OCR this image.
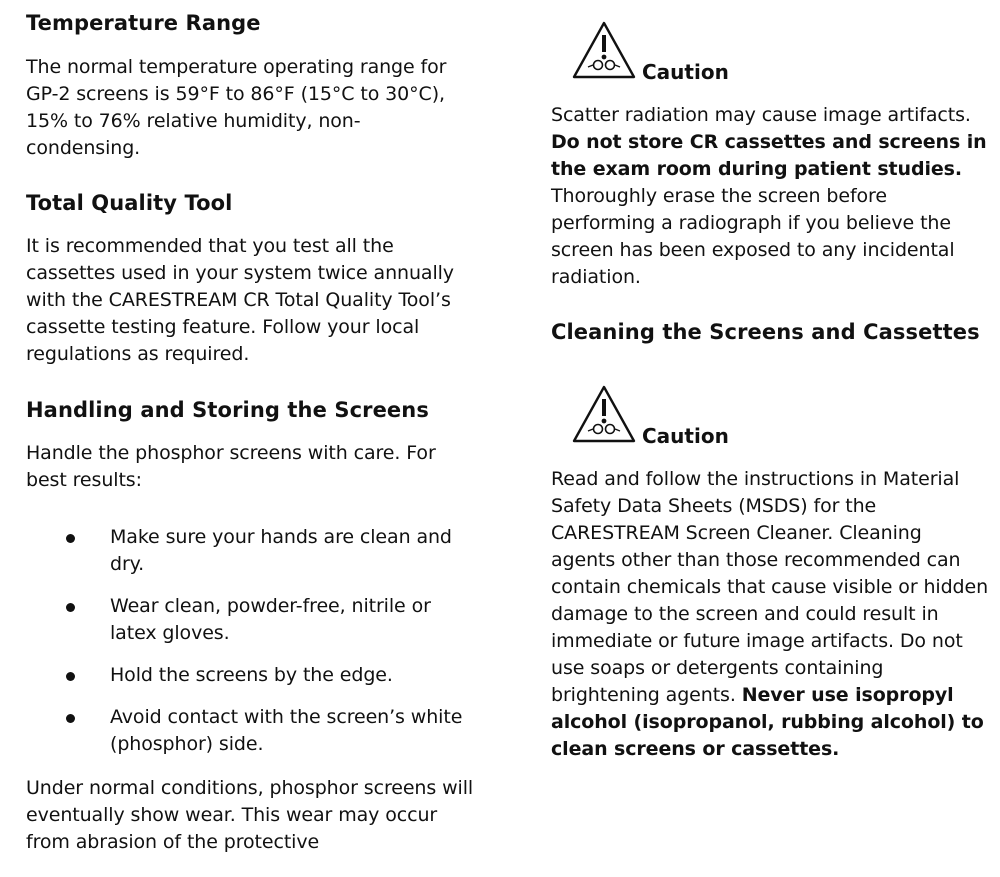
Temperature Range

The normal temperature operating range for GP-2 screens is 59°F to 86°F (15°C to 30°C), 15% to 76% relative humidity, non-condensing.

Total Quality Tool

It is recommended that you test all the cassettes used in your system twice annually with the CARESTREAM CR Total Quality Tool’s cassette testing feature. Follow your local regulations as required.

Handling and Storing the Screens

Handle the phosphor screens with care. For best results:

Make sure your hands are clean and dry.
Wear clean, powder-free, nitrile or latex gloves.
Hold the screens by the edge.
Avoid contact with the screen’s white (phosphor) side.

Under normal conditions, phosphor screens will eventually show wear. This wear may occur from abrasion of the protective

Caution

Scatter radiation may cause image artifacts. Do not store CR cassettes and screens in the exam room during patient studies. Thoroughly erase the screen before performing a radiograph if you believe the screen has been exposed to any incidental radiation.

Cleaning the Screens and Cassettes
Caution

Read and follow the instructions in Material Safety Data Sheets (MSDS) for the CARESTREAM Screen Cleaner. Cleaning agents other than those recommended can contain chemicals that cause visible or hidden damage to the screen and could result in immediate or future image artifacts. Do not use soaps or detergents containing brightening agents. Never use isopropyl alcohol (isopropanol, rubbing alcohol) to clean screens or cassettes.
